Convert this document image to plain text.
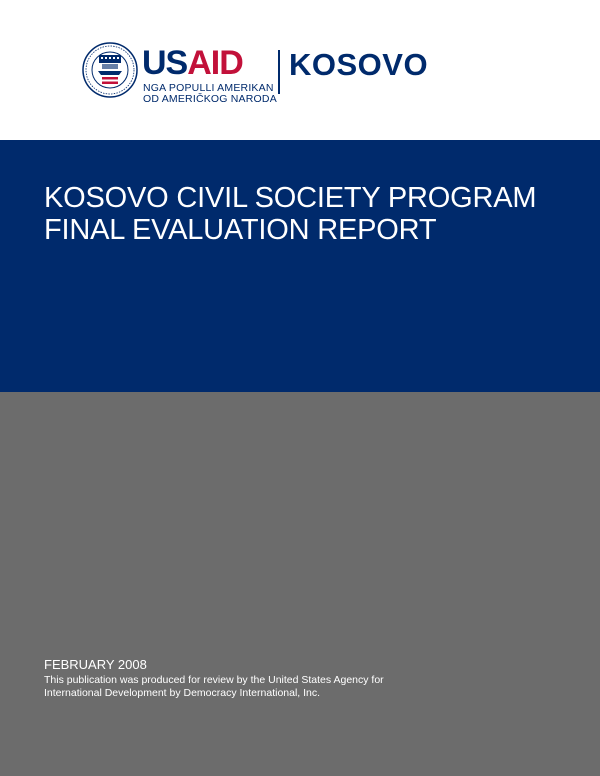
USAID
NGA POPULLI AMERIKAN
OD AMERIČKOG NARODA
KOSOVO
KOSOVO CIVIL SOCIETY PROGRAM
FINAL EVALUATION REPORT
FEBRUARY 2008
This publication was produced for review by the United States Agency for
International Development by Democracy International, Inc.
